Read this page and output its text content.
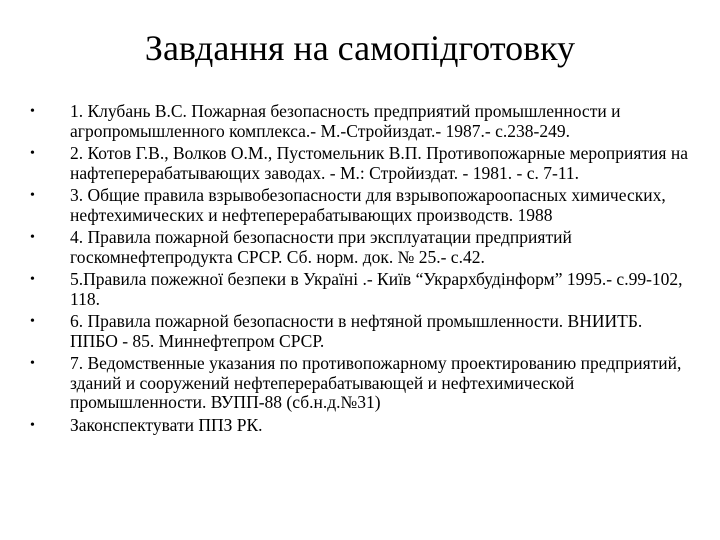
Завдання на самопідготовку
•	1. Клубань В.С. Пожарная безопасность предприятий промышленности и агропромышленного комплекса.- М.-Стройиздат.- 1987.- с.238-249.
•	2. Котов Г.В., Волков О.М., Пустомельник В.П. Противопожарные мероприятия на нафтеперерабатывающих заводах. - М.: Стройиздат. - 1981. - с. 7-11.
•	3. Общие правила взрывобезопасности для взрывопожароопасных химических, нефтехимических и нефтеперерабатывающих производств. 1988
•	4. Правила пожарной безопасности при эксплуатации предприятий госкомнефтепродукта СРСР. Сб. норм. док. № 25.- с.42.
•	5.Правила пожежної безпеки в Україні .- Київ “Укрархбудінформ” 1995.- с.99-102, 118.
•	6. Правила пожарной безопасности в нефтяной промышленности. ВНИИТБ. ППБО - 85. Миннефтепром СРСР.
•	7. Ведомственные указания по противопожарному проектированию предприятий, зданий и сооружений нефтеперерабатывающей и нефтехимической промышленности. ВУПП-88 (сб.н.д.№31)
•	Законспектувати ППЗ РК.
